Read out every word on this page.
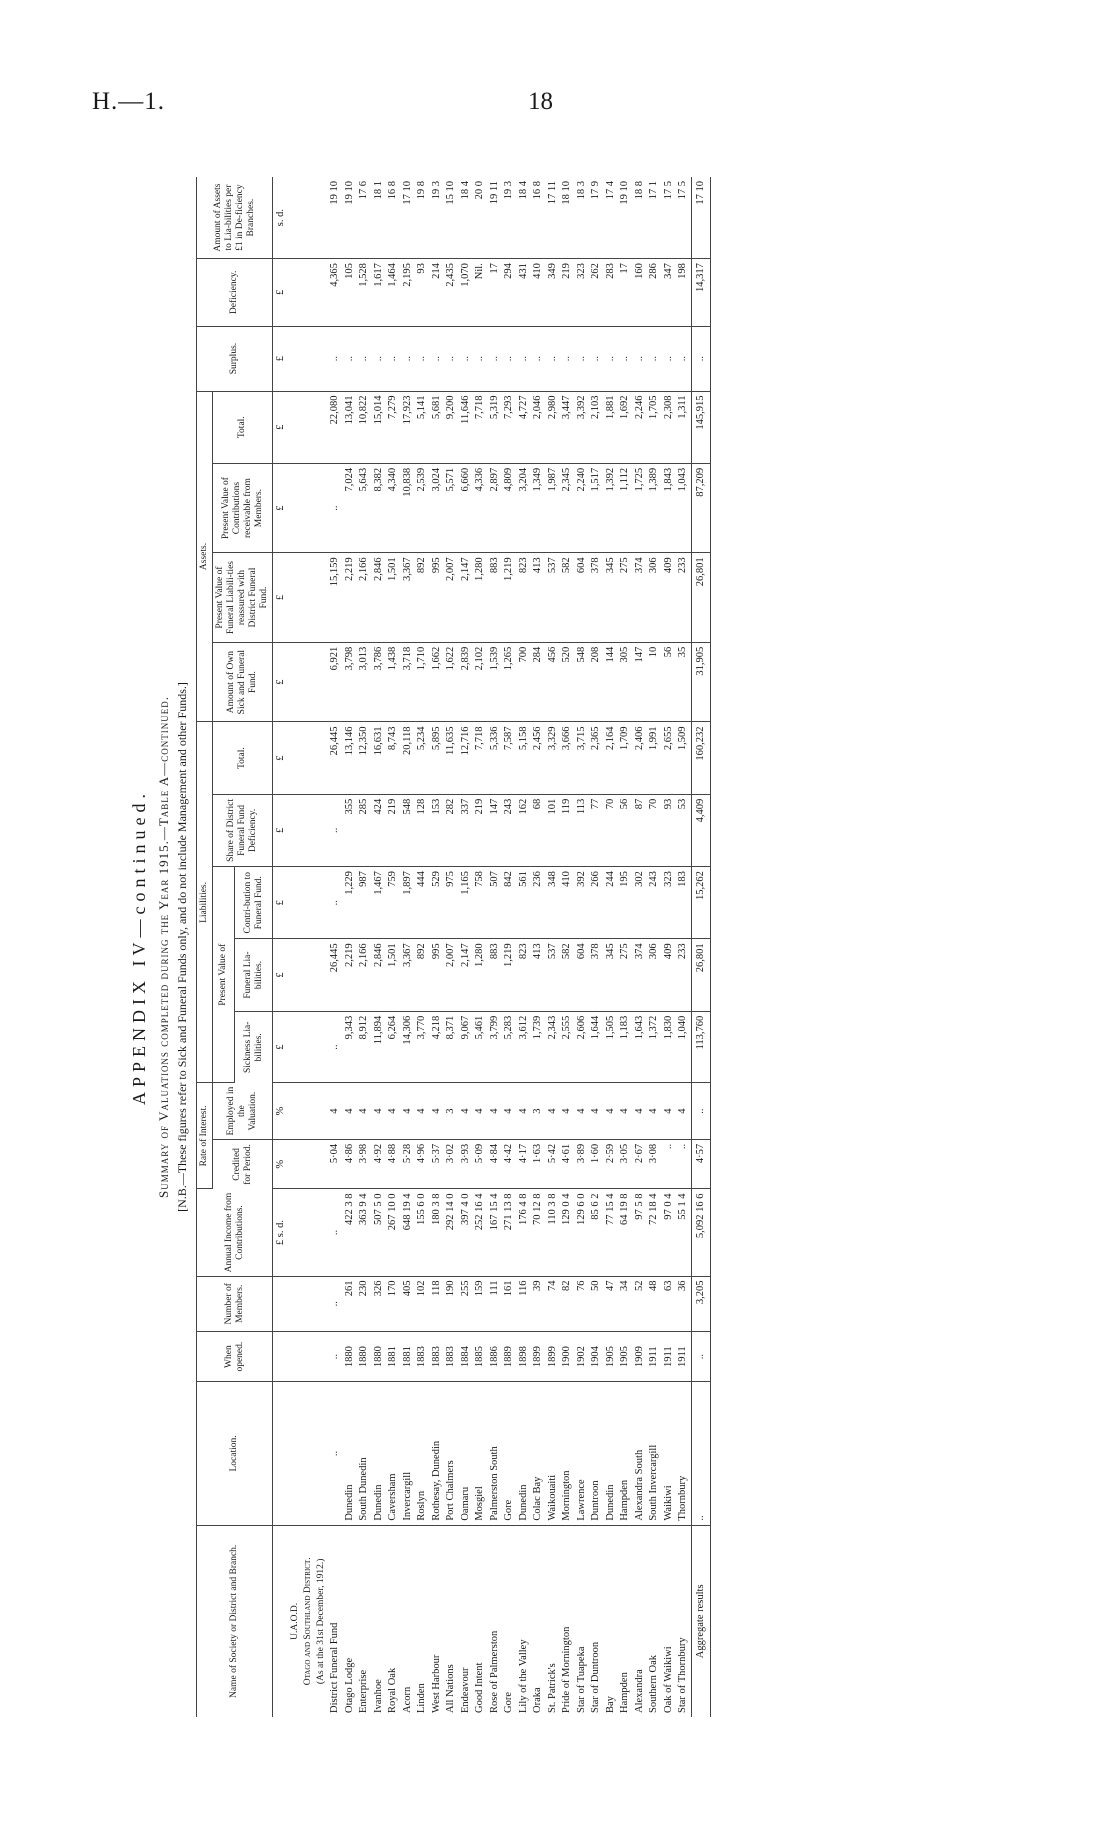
H.—1.	18
APPENDIX IV—continued. Summary of Valuations completed during the Year 1915.—Table A—continued. [N.B.—These figures refer to Sick and Funeral Funds only, and do not include Management and other Funds.]
Name of Society or District and Branch.	Location.	When opened.	Number of Members.	Annual Income from Contributions.	Rate of Interest.		Liabilities.					Assets.				Surplus.	Deficiency.	Amount of Assets to Lia-bilities per £1 in De-ficiency Branches.
					Credited for Period.	Employed in the Valuation.	Present Value of			Share of District Funeral Fund Deficiency.	Total.	Amount of Own Sick and Funeral Fund.	Present Value of Funeral Liabili-ties reassured with District Funeral Fund.	Present Value of Contributions receivable from Members.	Total.			
							Sickness Lia-bilities.	Funeral Lia-bilities.	Contri-bution to Funeral Fund.									
				£ s. d.	%	%	£	£	£	£	£	£	£	£	£	£	£	s. d.
U.A.O.D.																		
Otago and Southland District.																		
(As at the 31st December, 1912.)																		
District Funeral Fund	..	..	..	..	5·04	4	..	26,445	..	..	26,445	6,921	15,159	..	22,080	..	4,365	19 10
Otago Lodge	Dunedin	1880	261	422 3 8	4·86	4	9,343	2,219	1,229	355	13,146	3,798	2,219	7,024	13,041	..	105	19 10
Enterprise	South Dunedin	1880	230	363 9 4	3·98	4	8,912	2,166	987	285	12,350	3,013	2,166	5,643	10,822	..	1,528	17 6
Ivanhoe	Dunedin	1880	326	507 5 0	4·92	4	11,894	2,846	1,467	424	16,631	3,786	2,846	8,382	15,014	..	1,617	18 1
Royal Oak	Caversham	1881	170	267 10 0	4·88	4	6,264	1,501	759	219	8,743	1,438	1,501	4,340	7,279	..	1,464	16 8
Acorn	Invercargill	1881	405	648 19 4	5·28	4	14,306	3,367	1,897	548	20,118	3,718	3,367	10,838	17,923	..	2,195	17 10
Linden	Roslyn	1883	102	155 6 0	4·96	4	3,770	892	444	128	5,234	1,710	892	2,539	5,141	..	93	19 8
West Harbour	Rothesay, Dunedin	1883	118	180 3 8	5·37	4	4,218	995	529	153	5,895	1,662	995	3,024	5,681	..	214	19 3
All Nations	Port Chalmers	1883	190	292 14 0	3·02	3	8,371	2,007	975	282	11,635	1,622	2,007	5,571	9,200	..	2,435	15 10
Endeavour	Oamaru	1884	255	397 4 0	3·93	4	9,067	2,147	1,165	337	12,716	2,839	2,147	6,660	11,646	..	1,070	18 4
Good Intent	Mosgiel	1885	159	252 16 4	5·09	4	5,461	1,280	758	219	7,718	2,102	1,280	4,336	7,718	..	Nil.	20 0
Rose of Palmerston	Palmerston South	1886	111	167 15 4	4·84	4	3,799	883	507	147	5,336	1,539	883	2,897	5,319	..	17	19 11
Gore	Gore	1889	161	271 13 8	4·42	4	5,283	1,219	842	243	7,587	1,265	1,219	4,809	7,293	..	294	19 3
Lily of the Valley	Dunedin	1898	116	176 4 8	4·17	4	3,612	823	561	162	5,158	700	823	3,204	4,727	..	431	18 4
Oraka	Colac Bay	1899	39	70 12 8	1·63	3	1,739	413	236	68	2,456	284	413	1,349	2,046	..	410	16 8
St. Patrick's	Waikouaiti	1899	74	110 3 8	5·42	4	2,343	537	348	101	3,329	456	537	1,987	2,980	..	349	17 11
Pride of Mornington	Mornington	1900	82	129 0 4	4·61	4	2,555	582	410	119	3,666	520	582	2,345	3,447	..	219	18 10
Star of Tuapeka	Lawrence	1902	76	129 6 0	3·89	4	2,606	604	392	113	3,715	548	604	2,240	3,392	..	323	18 3
Star of Duntroon	Duntroon	1904	50	85 6 2	1·60	4	1,644	378	266	77	2,365	208	378	1,517	2,103	..	262	17 9
Bay	Dunedin	1905	47	77 15 4	2·59	4	1,505	345	244	70	2,164	144	345	1,392	1,881	..	283	17 4
Hampden	Hampden	1905	34	64 19 8	3·05	4	1,183	275	195	56	1,709	305	275	1,112	1,692	..	17	19 10
Alexandra	Alexandra South	1909	52	97 5 8	2·67	4	1,643	374	302	87	2,406	147	374	1,725	2,246	..	160	18 8
Southern Oak	South Invercargill	1911	48	72 18 4	3·08	4	1,372	306	243	70	1,991	10	306	1,389	1,705	..	286	17 1
Oak of Waikiwi	Waikiwi	1911	63	97 0 4	..	4	1,830	409	323	93	2,655	56	409	1,843	2,308	..	347	17 5
Star of Thornbury	Thornbury	1911	36	55 1 4	..	4	1,040	233	183	53	1,509	35	233	1,043	1,311	..	198	17 5
Aggregate results	..	..	3,205	5,092 16 6	4·57	..	113,760	26,801	15,262	4,409	160,232	31,905	26,801	87,209	145,915	..	14,317	17 10
